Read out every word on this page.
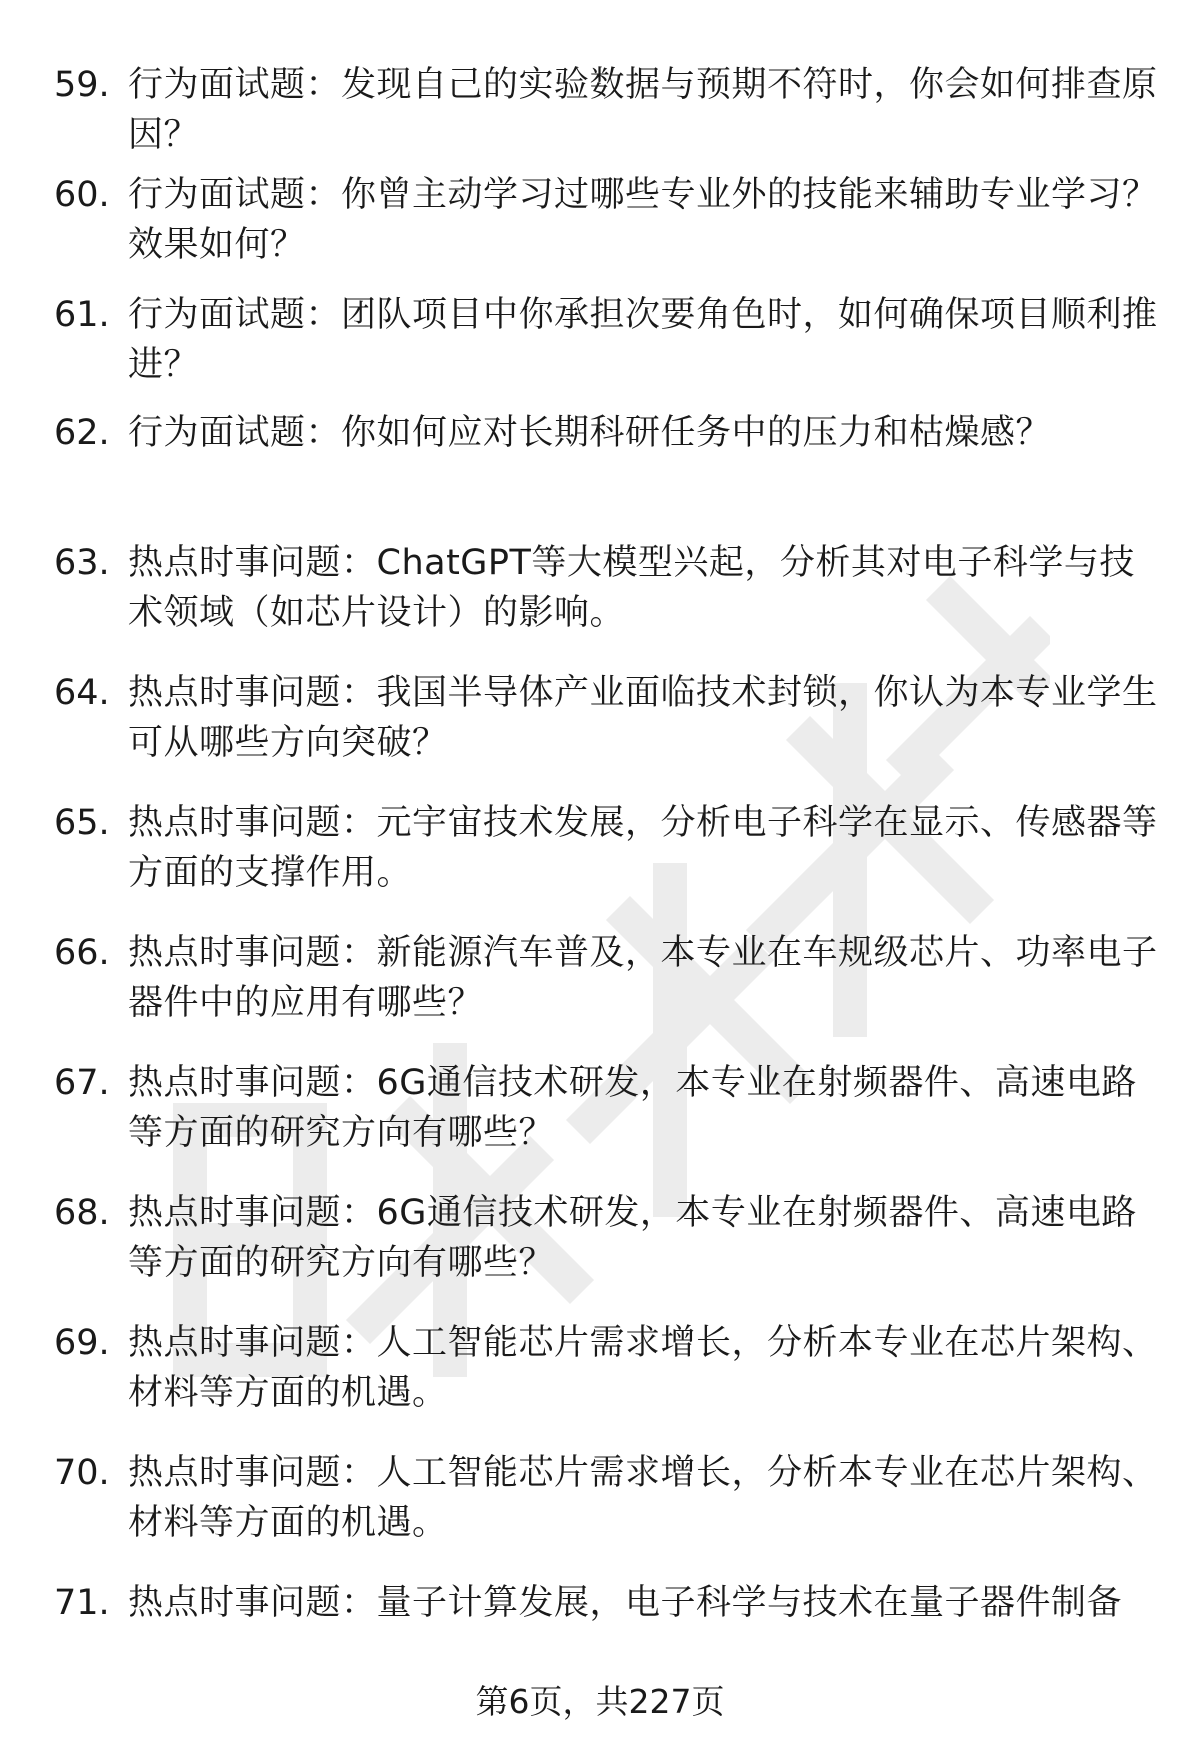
59. 行为面试题：发现自己的实验数据与预期不符时，你会如何排查原因？
60. 行为面试题：你曾主动学习过哪些专业外的技能来辅助专业学习？效果如何？
61. 行为面试题：团队项目中你承担次要角色时，如何确保项目顺利推进？
62. 行为面试题：你如何应对长期科研任务中的压力和枯燥感？
63. 热点时事问题：ChatGPT等大模型兴起，分析其对电子科学与技术领域（如芯片设计）的影响。
64. 热点时事问题：我国半导体产业面临技术封锁，你认为本专业学生可从哪些方向突破？
65. 热点时事问题：元宇宙技术发展，分析电子科学在显示、传感器等方面的支撑作用。
66. 热点时事问题：新能源汽车普及，本专业在车规级芯片、功率电子器件中的应用有哪些？
67. 热点时事问题：6G通信技术研发，本专业在射频器件、高速电路等方面的研究方向有哪些？
68. 热点时事问题：6G通信技术研发，本专业在射频器件、高速电路等方面的研究方向有哪些？
69. 热点时事问题：人工智能芯片需求增长，分析本专业在芯片架构、材料等方面的机遇。
70. 热点时事问题：人工智能芯片需求增长，分析本专业在芯片架构、材料等方面的机遇。
71. 热点时事问题：量子计算发展，电子科学与技术在量子器件制备
第6页，共227页
